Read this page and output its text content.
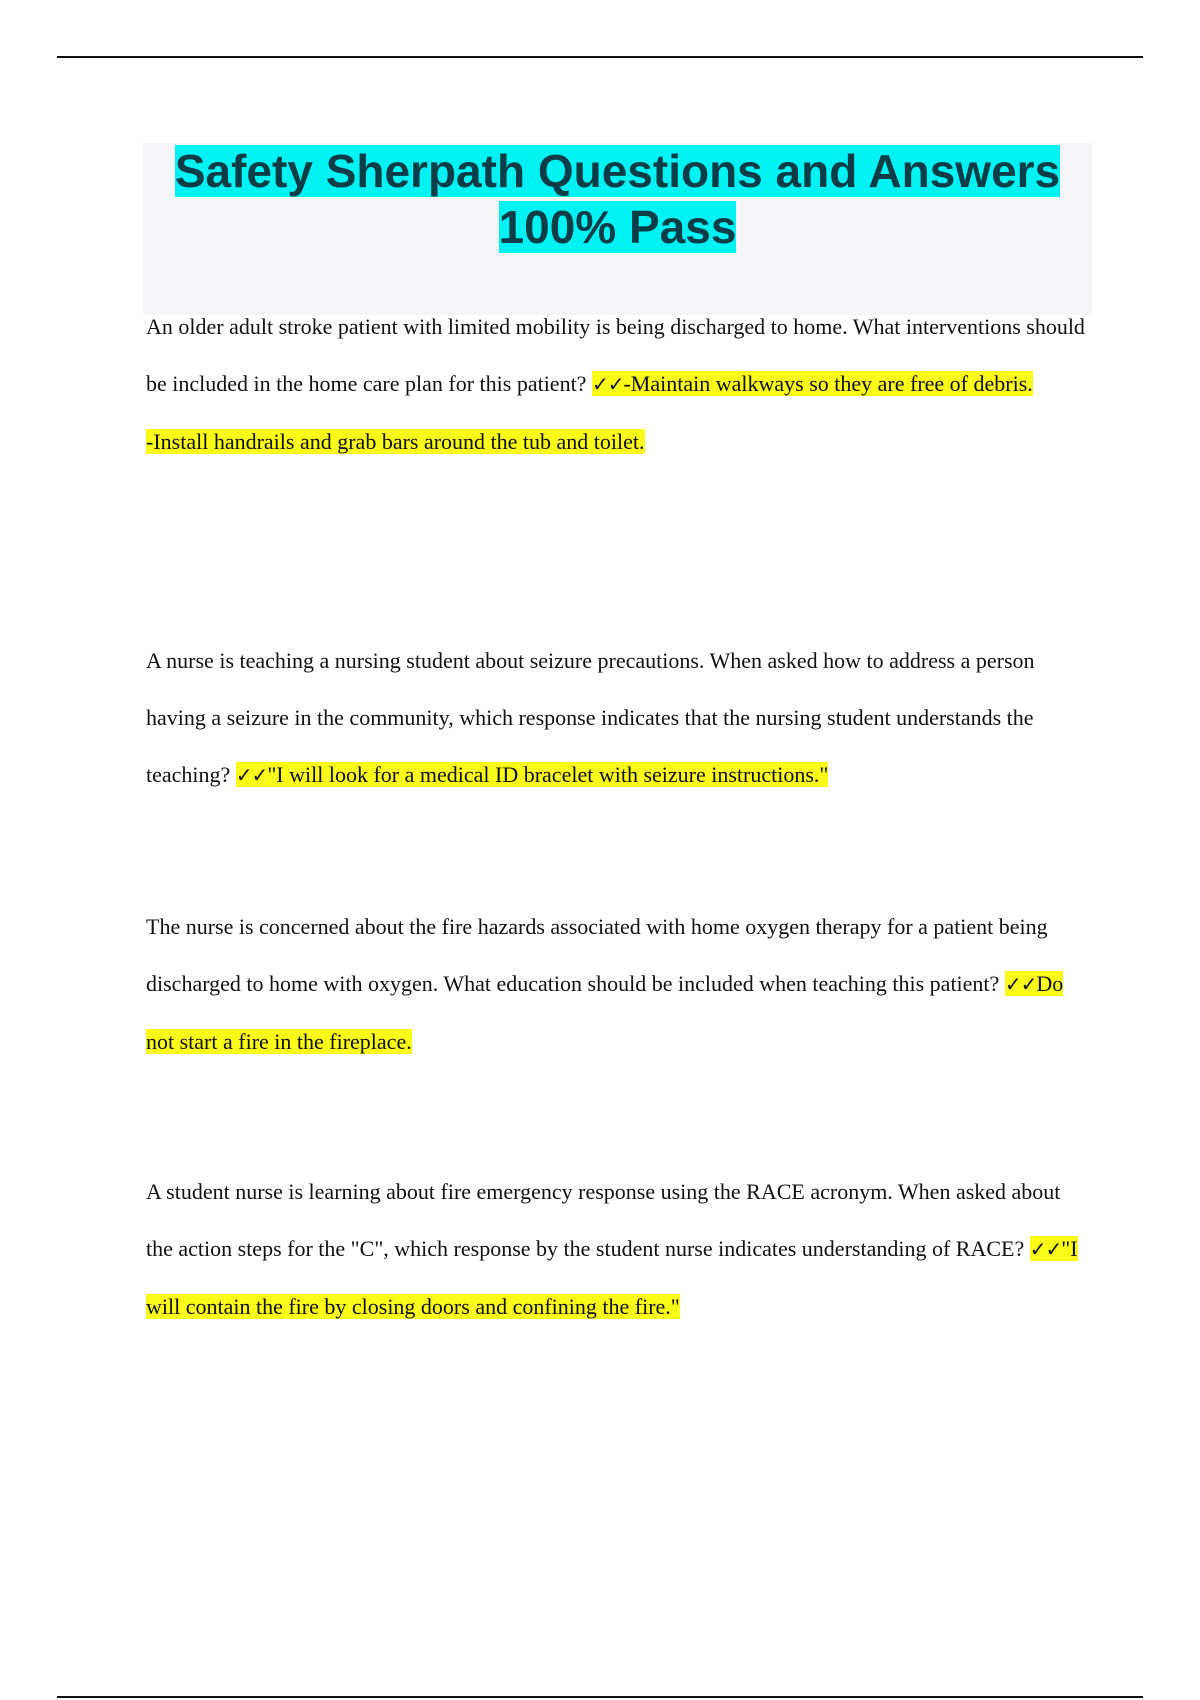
Safety Sherpath Questions and Answers
100% Pass

An older adult stroke patient with limited mobility is being discharged to home. What interventions should be included in the home care plan for this patient? ✓✓-Maintain walkways so they are free of debris.

-Install handrails and grab bars around the tub and toilet.

A nurse is teaching a nursing student about seizure precautions. When asked how to address a person having a seizure in the community, which response indicates that the nursing student understands the teaching? ✓✓"I will look for a medical ID bracelet with seizure instructions."

The nurse is concerned about the fire hazards associated with home oxygen therapy for a patient being discharged to home with oxygen. What education should be included when teaching this patient? ✓✓Do not start a fire in the fireplace.

A student nurse is learning about fire emergency response using the RACE acronym. When asked about the action steps for the "C", which response by the student nurse indicates understanding of RACE? ✓✓"I will contain the fire by closing doors and confining the fire."
